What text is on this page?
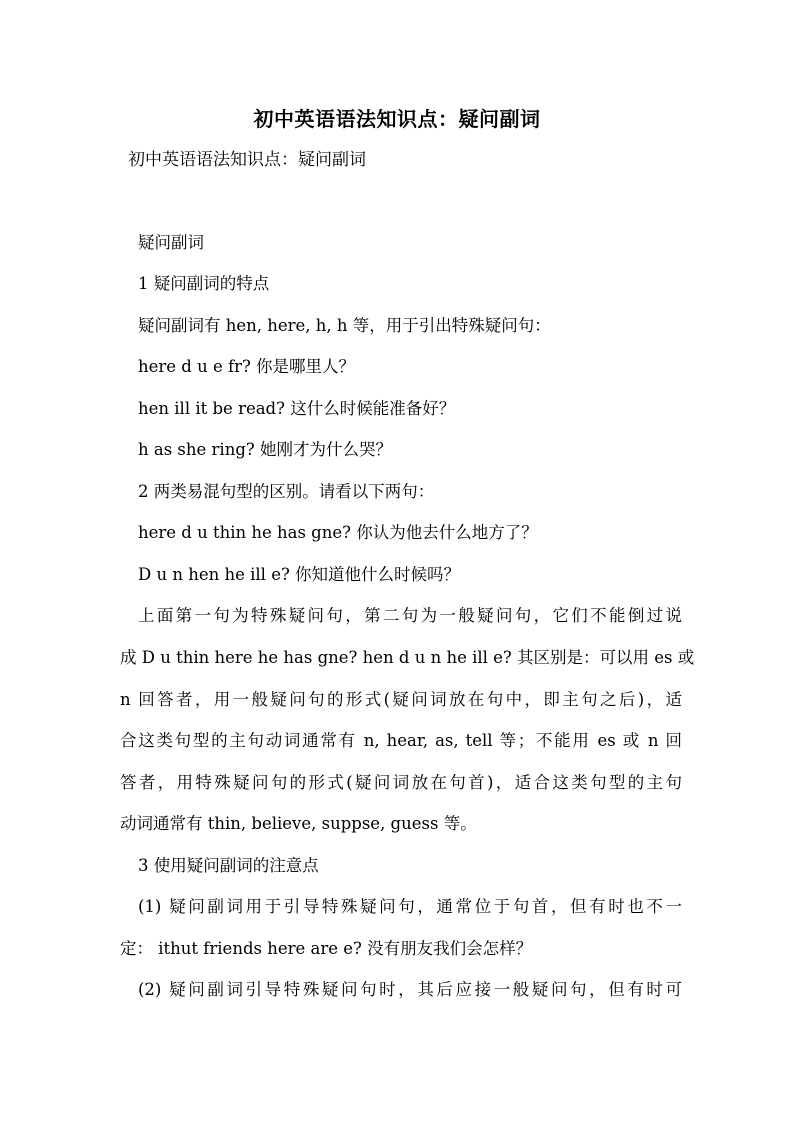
初中英语语法知识点：疑问副词
初中英语语法知识点：疑问副词
疑问副词
1 疑问副词的特点
疑问副词有 hen, here, h, h 等，用于引出特殊疑问句：
here d u e fr? 你是哪里人？
hen ill it be read? 这什么时候能准备好？
h as she ring? 她刚才为什么哭？
2 两类易混句型的区别。请看以下两句：
here d u thin he has gne? 你认为他去什么地方了？
D u n hen he ill e? 你知道他什么时候吗？
上面第一句为特殊疑问句，第二句为一般疑问句，它们不能倒过说
成 D u thin here he has gne? hen d u n he ill e? 其区别是：可以用 es 或
n 回答者，用一般疑问句的形式(疑问词放在句中，即主句之后)，适
合这类句型的主句动词通常有 n, hear, as, tell 等；不能用 es 或 n 回
答者，用特殊疑问句的形式(疑问词放在句首)，适合这类句型的主句
动词通常有 thin, believe, suppse, guess 等。
3 使用疑问副词的注意点
(1) 疑问副词用于引导特殊疑问句，通常位于句首，但有时也不一
定： ithut friends here are e? 没有朋友我们会怎样？
(2) 疑问副词引导特殊疑问句时，其后应接一般疑问句，但有时可
